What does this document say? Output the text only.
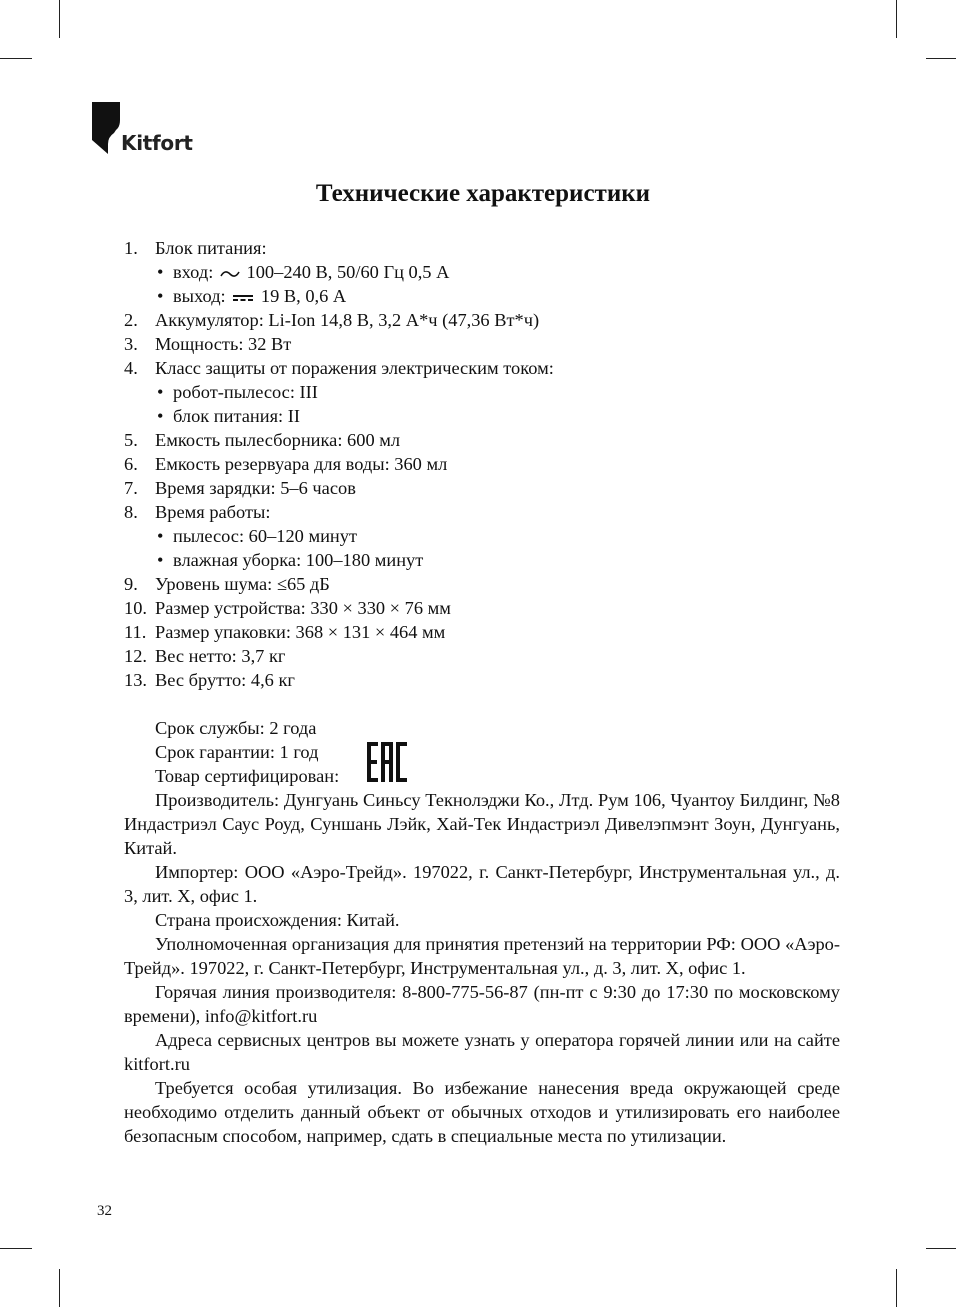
Kitfort
Технические характеристики
1. Блок питания:
• вход: 100–240 В, 50/60 Гц 0,5 А
• выход: 19 В, 0,6 А
2. Аккумулятор: Li-Ion 14,8 В, 3,2 А*ч (47,36 Вт*ч)
3. Мощность: 32 Вт
4. Класс защиты от поражения электрическим током:
• робот-пылесос: III
• блок питания: II
5. Емкость пылесборника: 600 мл
6. Емкость резервуара для воды: 360 мл
7. Время зарядки: 5–6 часов
8. Время работы:
• пылесос: 60–120 минут
• влажная уборка: 100–180 минут
9. Уровень шума: ≤65 дБ
10. Размер устройства: 330 × 330 × 76 мм
11. Размер упаковки: 368 × 131 × 464 мм
12. Вес нетто: 3,7 кг
13. Вес брутто: 4,6 кг

Срок службы: 2 года

Срок гарантии: 1 год

Товар сертифицирован:

Производитель: Дунгуань Синьсу Текнолэджи Ко., Лтд. Рум 106, Чуантоу Билдинг, №8 Индастриэл Саус Роуд, Суншань Лэйк, Хай-Тек Индастриэл Дивелэпмэнт Зоун, Дунгуань, Китай.

Импортер: ООО «Аэро-Трейд». 197022, г. Санкт-Петербург, Инструментальная ул., д. 3, лит. Х, офис 1.

Страна происхождения: Китай.

Уполномоченная организация для принятия претензий на территории РФ: ООО «Аэро-Трейд». 197022, г. Санкт-Петербург, Инструментальная ул., д. 3, лит. Х, офис 1.

Горячая линия производителя: 8-800-775-56-87 (пн-пт с 9:30 до 17:30 по московскому времени), info@kitfort.ru

Адреса сервисных центров вы можете узнать у оператора горячей линии или на сайте kitfort.ru

Требуется особая утилизация. Во избежание нанесения вреда окружающей среде необходимо отделить данный объект от обычных отходов и утилизировать его наиболее безопасным способом, например, сдать в специальные места по утилизации.

32
